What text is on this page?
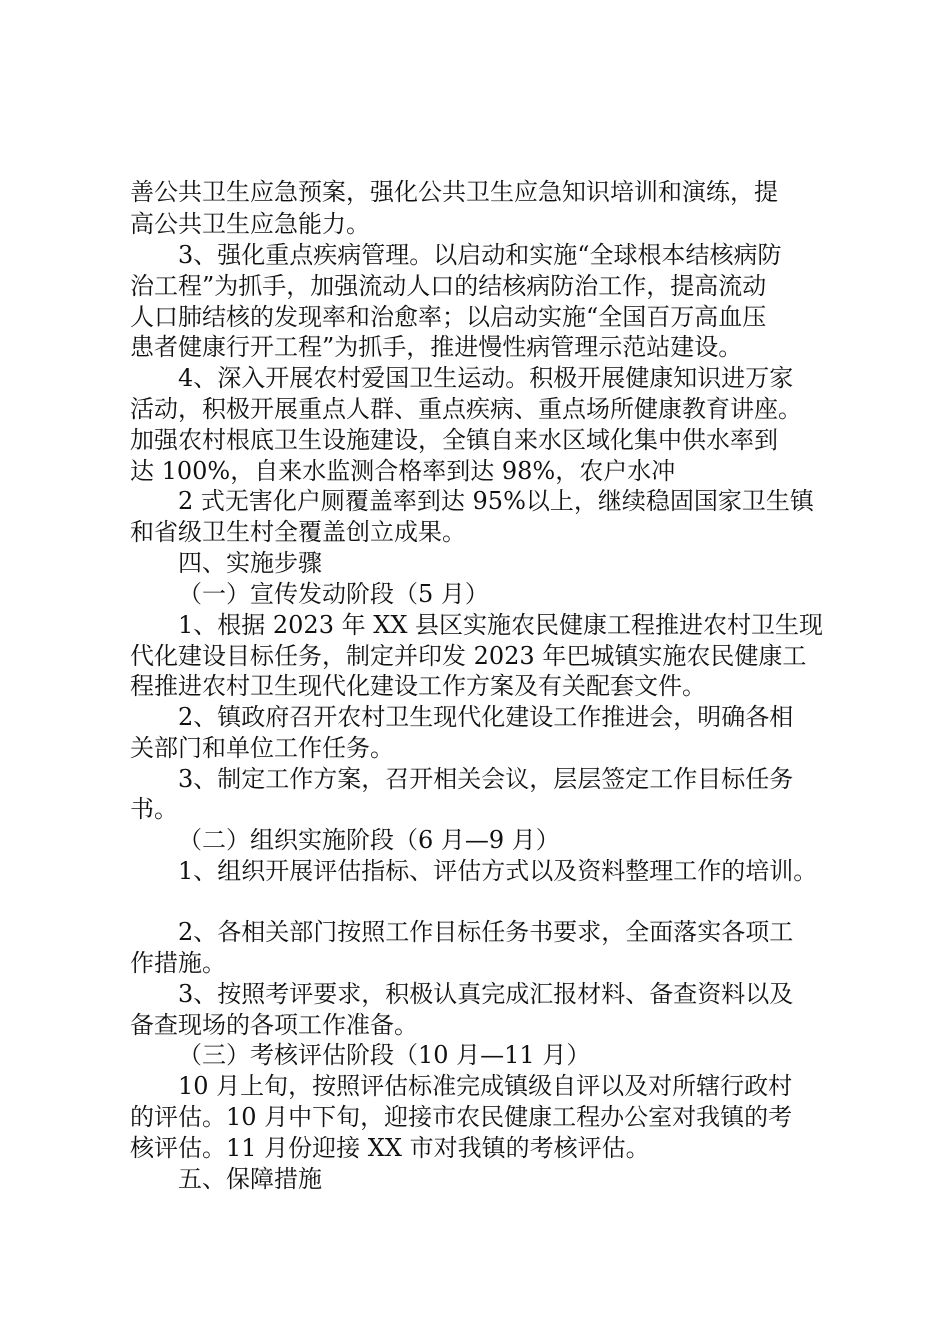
善公共卫生应急预案，强化公共卫生应急知识培训和演练，提
高公共卫生应急能力。
3、强化重点疾病管理。以启动和实施“全球根本结核病防
治工程”为抓手，加强流动人口的结核病防治工作，提高流动
人口肺结核的发现率和治愈率；以启动实施“全国百万高血压
患者健康行开工程”为抓手，推进慢性病管理示范站建设。
4、深入开展农村爱国卫生运动。积极开展健康知识进万家
活动，积极开展重点人群、重点疾病、重点场所健康教育讲座。
加强农村根底卫生设施建设，全镇自来水区域化集中供水率到
达 100%，自来水监测合格率到达 98%，农户水冲
2 式无害化户厕覆盖率到达 95%以上，继续稳固国家卫生镇
和省级卫生村全覆盖创立成果。
四、实施步骤
（一）宣传发动阶段（5 月）
1、根据 2023 年 XX 县区实施农民健康工程推进农村卫生现
代化建设目标任务，制定并印发 2023 年巴城镇实施农民健康工
程推进农村卫生现代化建设工作方案及有关配套文件。
2、镇政府召开农村卫生现代化建设工作推进会，明确各相
关部门和单位工作任务。
3、制定工作方案，召开相关会议，层层签定工作目标任务
书。
（二）组织实施阶段（6 月—9 月）
1、组织开展评估指标、评估方式以及资料整理工作的培训。
2、各相关部门按照工作目标任务书要求，全面落实各项工
作措施。
3、按照考评要求，积极认真完成汇报材料、备查资料以及
备查现场的各项工作准备。
（三）考核评估阶段（10 月—11 月）
10 月上旬，按照评估标准完成镇级自评以及对所辖行政村
的评估。10 月中下旬，迎接市农民健康工程办公室对我镇的考
核评估。11 月份迎接 XX 市对我镇的考核评估。
五、保障措施
